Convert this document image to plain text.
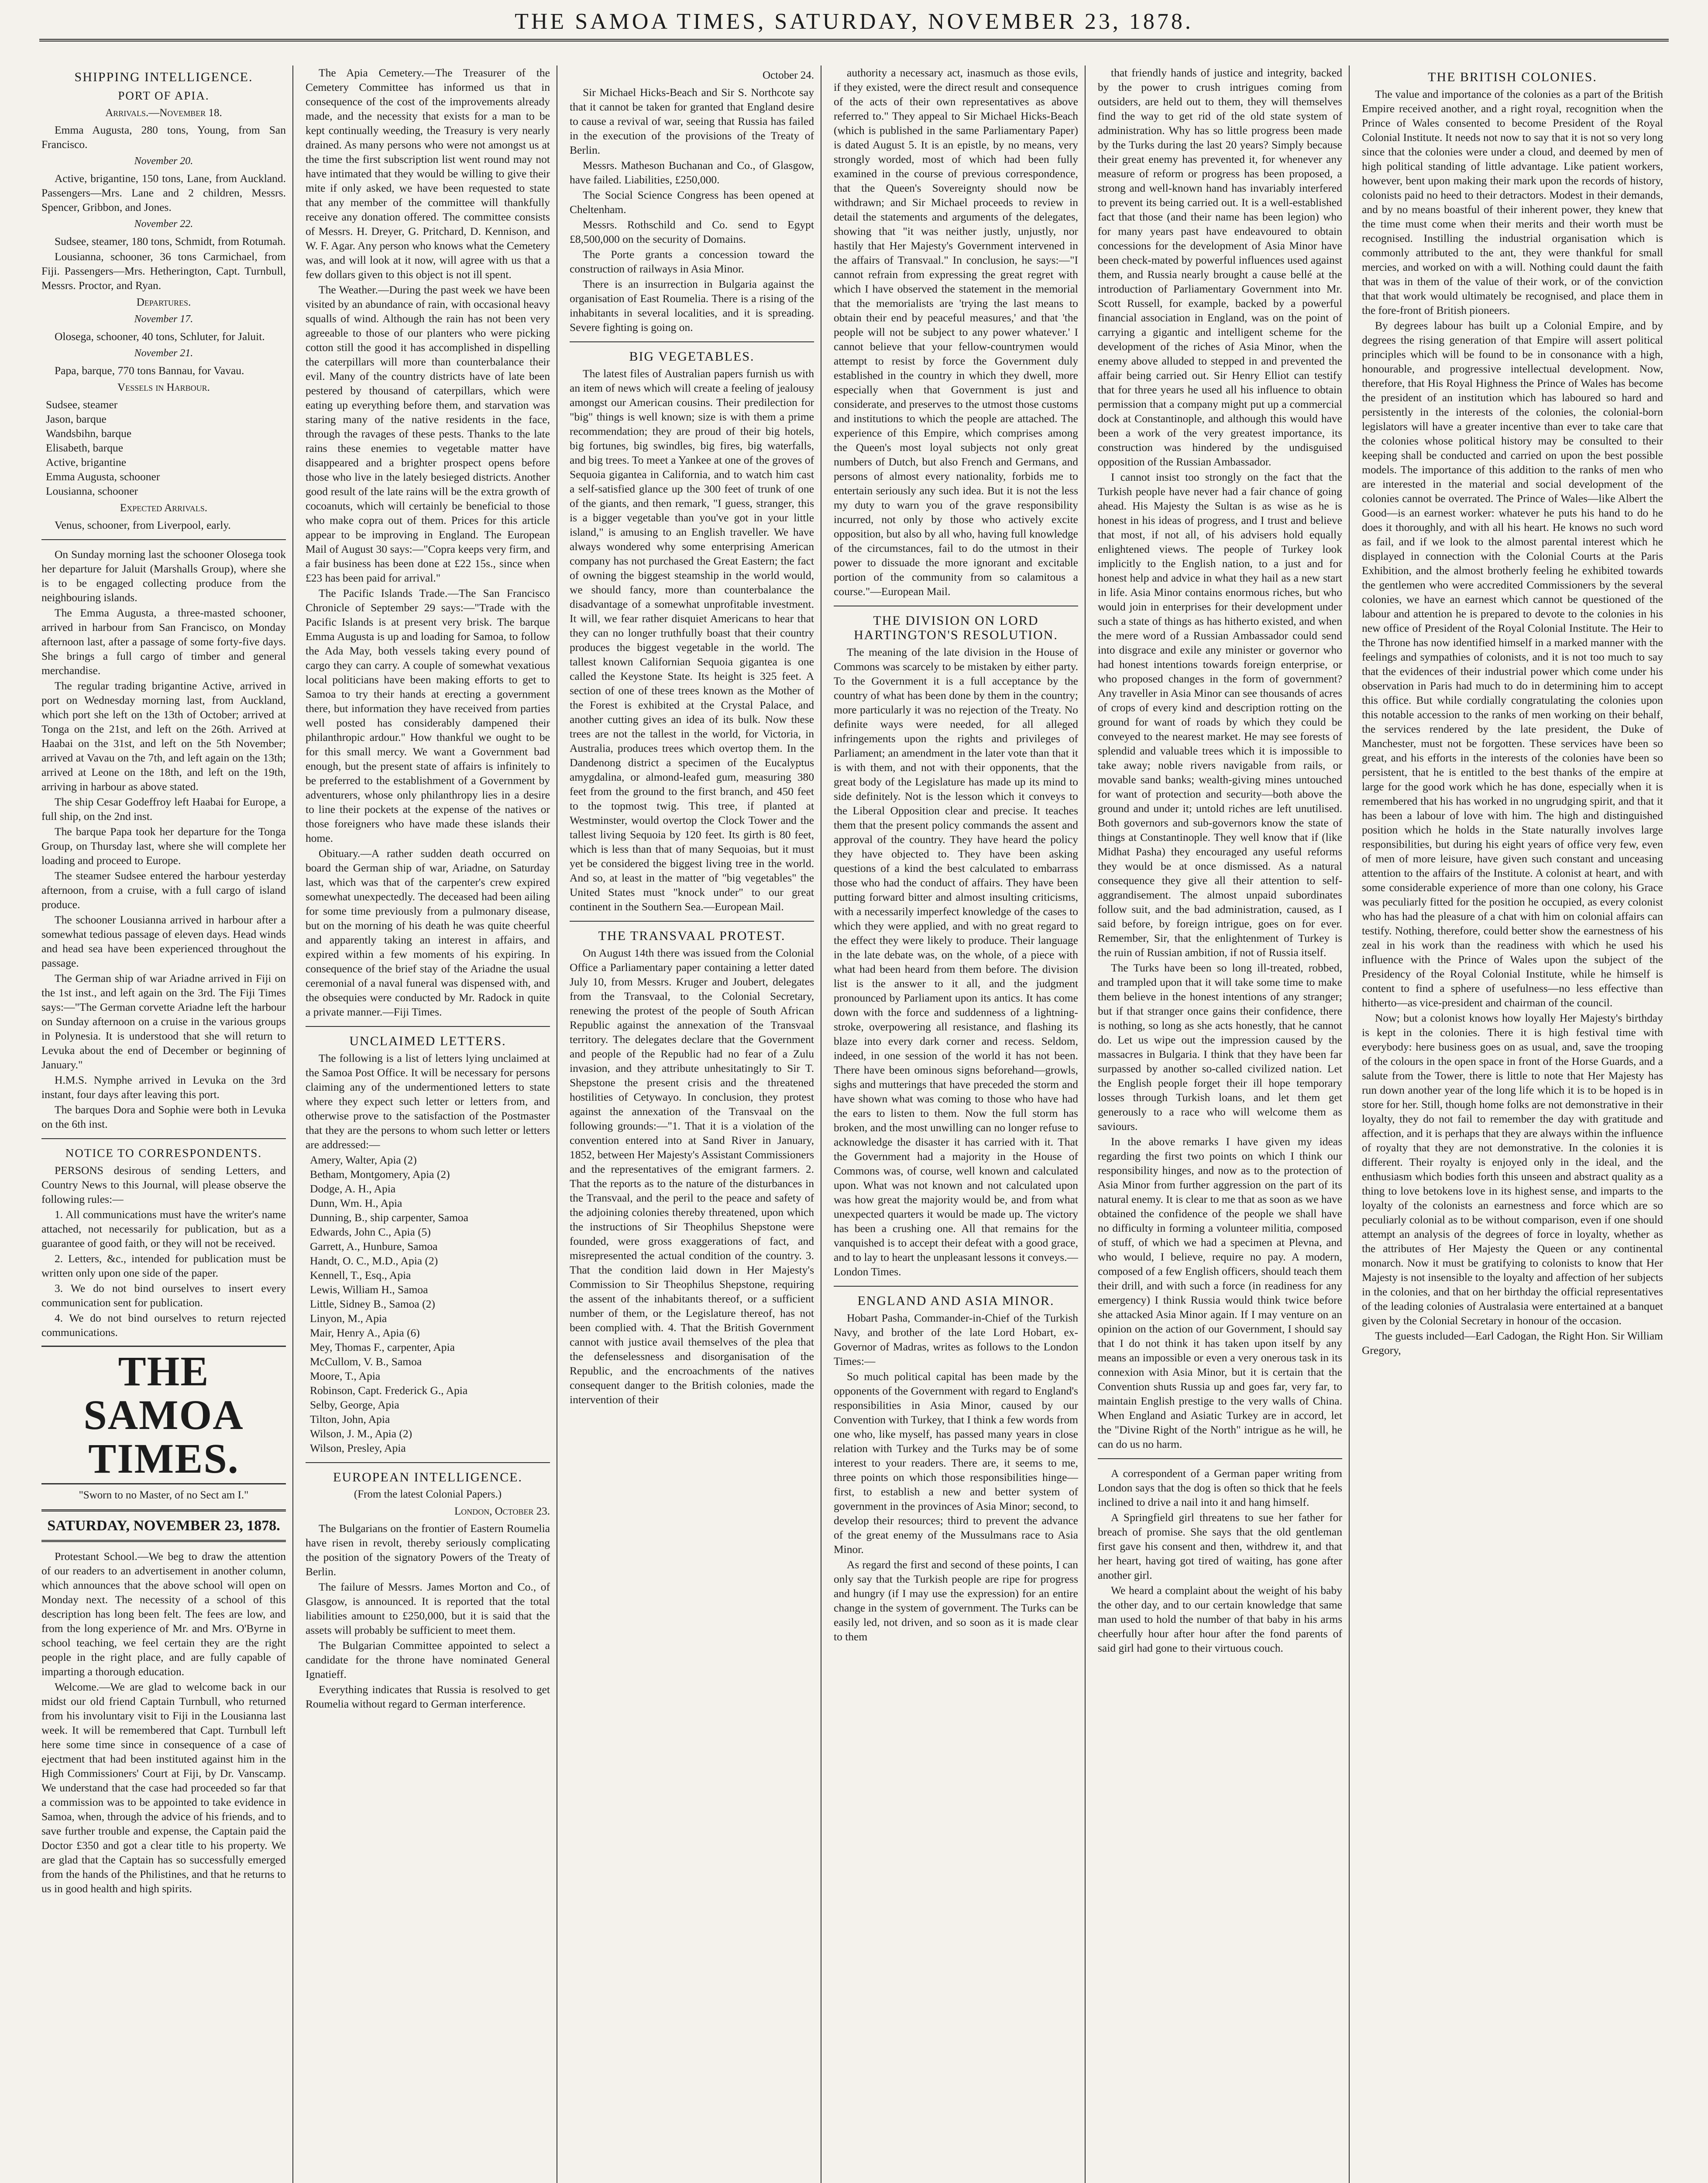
THE SAMOA TIMES, SATURDAY, NOVEMBER 23, 1878.
SHIPPING INTELLIGENCE.
PORT OF APIA.
Arrivals.—November 18.

Emma Augusta, 280 tons, Young, from San Francisco.

November 20.

Active, brigantine, 150 tons, Lane, from Auckland. Passengers—Mrs. Lane and 2 children, Messrs. Spencer, Gribbon, and Jones.

November 22.

Sudsee, steamer, 180 tons, Schmidt, from Rotumah.

Lousianna, schooner, 36 tons Carmichael, from Fiji. Passengers—Mrs. Hetherington, Capt. Turnbull, Messrs. Proctor, and Ryan.

Departures.
November 17.

Olosega, schooner, 40 tons, Schluter, for Jaluit.

November 21.

Papa, barque, 770 tons Bannau, for Vavau.

Vessels in Harbour.

Sudsee, steamer

Jason, barque

Wandsbihn, barque

Elisabeth, barque

Active, brigantine

Emma Augusta, schooner

Lousianna, schooner

Expected Arrivals.

Venus, schooner, from Liverpool, early.

On Sunday morning last the schooner Olosega took her departure for Jaluit (Marshalls Group), where she is to be engaged collecting produce from the neighbouring islands.

The Emma Augusta, a three-masted schooner, arrived in harbour from San Francisco, on Monday afternoon last, after a passage of some forty-five days. She brings a full cargo of timber and general merchandise.

The regular trading brigantine Active, arrived in port on Wednesday morning last, from Auckland, which port she left on the 13th of October; arrived at Tonga on the 21st, and left on the 26th. Arrived at Haabai on the 31st, and left on the 5th November; arrived at Vavau on the 7th, and left again on the 13th; arrived at Leone on the 18th, and left on the 19th, arriving in harbour as above stated.

The ship Cesar Godeffroy left Haabai for Europe, a full ship, on the 2nd inst.

The barque Papa took her departure for the Tonga Group, on Thursday last, where she will complete her loading and proceed to Europe.

The steamer Sudsee entered the harbour yesterday afternoon, from a cruise, with a full cargo of island produce.

The schooner Lousianna arrived in harbour after a somewhat tedious passage of eleven days. Head winds and head sea have been experienced throughout the passage.

The German ship of war Ariadne arrived in Fiji on the 1st inst., and left again on the 3rd. The Fiji Times says:—"The German corvette Ariadne left the harbour on Sunday afternoon on a cruise in the various groups in Polynesia. It is understood that she will return to Levuka about the end of December or beginning of January."

H.M.S. Nymphe arrived in Levuka on the 3rd instant, four days after leaving this port.

The barques Dora and Sophie were both in Levuka on the 6th inst.

NOTICE TO CORRESPONDENTS.

PERSONS desirous of sending Letters, and Country News to this Journal, will please observe the following rules:—

1. All communications must have the writer's name attached, not necessarily for publication, but as a guarantee of good faith, or they will not be received.

2. Letters, &c., intended for publication must be written only upon one side of the paper.

3. We do not bind ourselves to insert every communication sent for publication.

4. We do not bind ourselves to return rejected communications.

THE SAMOA TIMES.
"Sworn to no Master, of no Sect am I."
SATURDAY, NOVEMBER 23, 1878.

Protestant School.—We beg to draw the attention of our readers to an advertisement in another column, which announces that the above school will open on Monday next. The necessity of a school of this description has long been felt. The fees are low, and from the long experience of Mr. and Mrs. O'Byrne in school teaching, we feel certain they are the right people in the right place, and are fully capable of imparting a thorough education.

Welcome.—We are glad to welcome back in our midst our old friend Captain Turnbull, who returned from his involuntary visit to Fiji in the Lousianna last week. It will be remembered that Capt. Turnbull left here some time since in consequence of a case of ejectment that had been instituted against him in the High Commissioners' Court at Fiji, by Dr. Vanscamp. We understand that the case had proceeded so far that a commission was to be appointed to take evidence in Samoa, when, through the advice of his friends, and to save further trouble and expense, the Captain paid the Doctor £350 and got a clear title to his property. We are glad that the Captain has so successfully emerged from the hands of the Philistines, and that he returns to us in good health and high spirits.

The Apia Cemetery.—The Treasurer of the Cemetery Committee has informed us that in consequence of the cost of the improvements already made, and the necessity that exists for a man to be kept continually weeding, the Treasury is very nearly drained. As many persons who were not amongst us at the time the first subscription list went round may not have intimated that they would be willing to give their mite if only asked, we have been requested to state that any member of the committee will thankfully receive any donation offered. The committee consists of Messrs. H. Dreyer, G. Pritchard, D. Kennison, and W. F. Agar. Any person who knows what the Cemetery was, and will look at it now, will agree with us that a few dollars given to this object is not ill spent.

The Weather.—During the past week we have been visited by an abundance of rain, with occasional heavy squalls of wind. Although the rain has not been very agreeable to those of our planters who were picking cotton still the good it has accomplished in dispelling the caterpillars will more than counterbalance their evil. Many of the country districts have of late been pestered by thousand of caterpillars, which were eating up everything before them, and starvation was staring many of the native residents in the face, through the ravages of these pests. Thanks to the late rains these enemies to vegetable matter have disappeared and a brighter prospect opens before those who live in the lately besieged districts. Another good result of the late rains will be the extra growth of cocoanuts, which will certainly be beneficial to those who make copra out of them. Prices for this article appear to be improving in England. The European Mail of August 30 says:—"Copra keeps very firm, and a fair business has been done at £22 15s., since when £23 has been paid for arrival."

The Pacific Islands Trade.—The San Francisco Chronicle of September 29 says:—"Trade with the Pacific Islands is at present very brisk. The barque Emma Augusta is up and loading for Samoa, to follow the Ada May, both vessels taking every pound of cargo they can carry. A couple of somewhat vexatious local politicians have been making efforts to get to Samoa to try their hands at erecting a government there, but information they have received from parties well posted has considerably dampened their philanthropic ardour." How thankful we ought to be for this small mercy. We want a Government bad enough, but the present state of affairs is infinitely to be preferred to the establishment of a Government by adventurers, whose only philanthropy lies in a desire to line their pockets at the expense of the natives or those foreigners who have made these islands their home.

Obituary.—A rather sudden death occurred on board the German ship of war, Ariadne, on Saturday last, which was that of the carpenter's crew expired somewhat unexpectedly. The deceased had been ailing for some time previously from a pulmonary disease, but on the morning of his death he was quite cheerful and apparently taking an interest in affairs, and expired within a few moments of his expiring. In consequence of the brief stay of the Ariadne the usual ceremonial of a naval funeral was dispensed with, and the obsequies were conducted by Mr. Radock in quite a private manner.—Fiji Times.

UNCLAIMED LETTERS.

The following is a list of letters lying unclaimed at the Samoa Post Office. It will be necessary for persons claiming any of the undermentioned letters to state where they expect such letter or letters from, and otherwise prove to the satisfaction of the Postmaster that they are the persons to whom such letter or letters are addressed:—

Amery, Walter, Apia (2)

Betham, Montgomery, Apia (2)

Dodge, A. H., Apia

Dunn, Wm. H., Apia

Dunning, B., ship carpenter, Samoa

Edwards, John C., Apia (5)

Garrett, A., Hunbure, Samoa

Handt, O. C., M.D., Apia (2)

Kennell, T., Esq., Apia

Lewis, William H., Samoa

Little, Sidney B., Samoa (2)

Linyon, M., Apia

Mair, Henry A., Apia (6)

Mey, Thomas F., carpenter, Apia

McCullom, V. B., Samoa

Moore, T., Apia

Robinson, Capt. Frederick G., Apia

Selby, George, Apia

Tilton, John, Apia

Wilson, J. M., Apia (2)

Wilson, Presley, Apia

EUROPEAN INTELLIGENCE.
(From the latest Colonial Papers.)
London, October 23.

The Bulgarians on the frontier of Eastern Roumelia have risen in revolt, thereby seriously complicating the position of the signatory Powers of the Treaty of Berlin.

The failure of Messrs. James Morton and Co., of Glasgow, is announced. It is reported that the total liabilities amount to £250,000, but it is said that the assets will probably be sufficient to meet them.

The Bulgarian Committee appointed to select a candidate for the throne have nominated General Ignatieff.

Everything indicates that Russia is resolved to get Roumelia without regard to German interference.

October 24.

Sir Michael Hicks-Beach and Sir S. Northcote say that it cannot be taken for granted that England desire to cause a revival of war, seeing that Russia has failed in the execution of the provisions of the Treaty of Berlin.

Messrs. Matheson Buchanan and Co., of Glasgow, have failed. Liabilities, £250,000.

The Social Science Congress has been opened at Cheltenham.

Messrs. Rothschild and Co. send to Egypt £8,500,000 on the security of Domains.

The Porte grants a concession toward the construction of railways in Asia Minor.

There is an insurrection in Bulgaria against the organisation of East Roumelia. There is a rising of the inhabitants in several localities, and it is spreading. Severe fighting is going on.

BIG VEGETABLES.

The latest files of Australian papers furnish us with an item of news which will create a feeling of jealousy amongst our American cousins. Their predilection for "big" things is well known; size is with them a prime recommendation; they are proud of their big hotels, big fortunes, big swindles, big fires, big waterfalls, and big trees. To meet a Yankee at one of the groves of Sequoia gigantea in California, and to watch him cast a self-satisfied glance up the 300 feet of trunk of one of the giants, and then remark, "I guess, stranger, this is a bigger vegetable than you've got in your little island," is amusing to an English traveller. We have always wondered why some enterprising American company has not purchased the Great Eastern; the fact of owning the biggest steamship in the world would, we should fancy, more than counterbalance the disadvantage of a somewhat unprofitable investment. It will, we fear rather disquiet Americans to hear that they can no longer truthfully boast that their country produces the biggest vegetable in the world. The tallest known Californian Sequoia gigantea is one called the Keystone State. Its height is 325 feet. A section of one of these trees known as the Mother of the Forest is exhibited at the Crystal Palace, and another cutting gives an idea of its bulk. Now these trees are not the tallest in the world, for Victoria, in Australia, produces trees which overtop them. In the Dandenong district a specimen of the Eucalyptus amygdalina, or almond-leafed gum, measuring 380 feet from the ground to the first branch, and 450 feet to the topmost twig. This tree, if planted at Westminster, would overtop the Clock Tower and the tallest living Sequoia by 120 feet. Its girth is 80 feet, which is less than that of many Sequoias, but it must yet be considered the biggest living tree in the world. And so, at least in the matter of "big vegetables" the United States must "knock under" to our great continent in the Southern Sea.—European Mail.

THE TRANSVAAL PROTEST.

On August 14th there was issued from the Colonial Office a Parliamentary paper containing a letter dated July 10, from Messrs. Kruger and Joubert, delegates from the Transvaal, to the Colonial Secretary, renewing the protest of the people of South African Republic against the annexation of the Transvaal territory. The delegates declare that the Government and people of the Republic had no fear of a Zulu invasion, and they attribute unhesitatingly to Sir T. Shepstone the present crisis and the threatened hostilities of Cetywayo. In conclusion, they protest against the annexation of the Transvaal on the following grounds:—"1. That it is a violation of the convention entered into at Sand River in January, 1852, between Her Majesty's Assistant Commissioners and the representatives of the emigrant farmers. 2. That the reports as to the nature of the disturbances in the Transvaal, and the peril to the peace and safety of the adjoining colonies thereby threatened, upon which the instructions of Sir Theophilus Shepstone were founded, were gross exaggerations of fact, and misrepresented the actual condition of the country. 3. That the condition laid down in Her Majesty's Commission to Sir Theophilus Shepstone, requiring the assent of the inhabitants thereof, or a sufficient number of them, or the Legislature thereof, has not been complied with. 4. That the British Government cannot with justice avail themselves of the plea that the defenselessness and disorganisation of the Republic, and the encroachments of the natives consequent danger to the British colonies, made the intervention of their

authority a necessary act, inasmuch as those evils, if they existed, were the direct result and consequence of the acts of their own representatives as above referred to." They appeal to Sir Michael Hicks-Beach (which is published in the same Parliamentary Paper) is dated August 5. It is an epistle, by no means, very strongly worded, most of which had been fully examined in the course of previous correspondence, that the Queen's Sovereignty should now be withdrawn; and Sir Michael proceeds to review in detail the statements and arguments of the delegates, showing that "it was neither justly, unjustly, nor hastily that Her Majesty's Government intervened in the affairs of Transvaal." In conclusion, he says:—"I cannot refrain from expressing the great regret with which I have observed the statement in the memorial that the memorialists are 'trying the last means to obtain their end by peaceful measures,' and that 'the people will not be subject to any power whatever.' I cannot believe that your fellow-countrymen would attempt to resist by force the Government duly established in the country in which they dwell, more especially when that Government is just and considerate, and preserves to the utmost those customs and institutions to which the people are attached. The experience of this Empire, which comprises among the Queen's most loyal subjects not only great numbers of Dutch, but also French and Germans, and persons of almost every nationality, forbids me to entertain seriously any such idea. But it is not the less my duty to warn you of the grave responsibility incurred, not only by those who actively excite opposition, but also by all who, having full knowledge of the circumstances, fail to do the utmost in their power to dissuade the more ignorant and excitable portion of the community from so calamitous a course."—European Mail.

THE DIVISION ON LORD HARTINGTON'S RESOLUTION.

The meaning of the late division in the House of Commons was scarcely to be mistaken by either party. To the Government it is a full acceptance by the country of what has been done by them in the country; more particularly it was no rejection of the Treaty. No definite ways were needed, for all alleged infringements upon the rights and privileges of Parliament; an amendment in the later vote than that it is with them, and not with their opponents, that the great body of the Legislature has made up its mind to side definitely. Not is the lesson which it conveys to the Liberal Opposition clear and precise. It teaches them that the present policy commands the assent and approval of the country. They have heard the policy they have objected to. They have been asking questions of a kind the best calculated to embarrass those who had the conduct of affairs. They have been putting forward bitter and almost insulting criticisms, with a necessarily imperfect knowledge of the cases to which they were applied, and with no great regard to the effect they were likely to produce. Their language in the late debate was, on the whole, of a piece with what had been heard from them before. The division list is the answer to it all, and the judgment pronounced by Parliament upon its antics. It has come down with the force and suddenness of a lightning-stroke, overpowering all resistance, and flashing its blaze into every dark corner and recess. Seldom, indeed, in one session of the world it has not been. There have been ominous signs beforehand—growls, sighs and mutterings that have preceded the storm and have shown what was coming to those who have had the ears to listen to them. Now the full storm has broken, and the most unwilling can no longer refuse to acknowledge the disaster it has carried with it. That the Government had a majority in the House of Commons was, of course, well known and calculated upon. What was not known and not calculated upon was how great the majority would be, and from what unexpected quarters it would be made up. The victory has been a crushing one. All that remains for the vanquished is to accept their defeat with a good grace, and to lay to heart the unpleasant lessons it conveys.—London Times.

ENGLAND AND ASIA MINOR.

Hobart Pasha, Commander-in-Chief of the Turkish Navy, and brother of the late Lord Hobart, ex-Governor of Madras, writes as follows to the London Times:—

So much political capital has been made by the opponents of the Government with regard to England's responsibilities in Asia Minor, caused by our Convention with Turkey, that I think a few words from one who, like myself, has passed many years in close relation with Turkey and the Turks may be of some interest to your readers. There are, it seems to me, three points on which those responsibilities hinge—first, to establish a new and better system of government in the provinces of Asia Minor; second, to develop their resources; third to prevent the advance of the great enemy of the Mussulmans race to Asia Minor.

As regard the first and second of these points, I can only say that the Turkish people are ripe for progress and hungry (if I may use the expression) for an entire change in the system of government. The Turks can be easily led, not driven, and so soon as it is made clear to them

that friendly hands of justice and integrity, backed by the power to crush intrigues coming from outsiders, are held out to them, they will themselves find the way to get rid of the old state system of administration. Why has so little progress been made by the Turks during the last 20 years? Simply because their great enemy has prevented it, for whenever any measure of reform or progress has been proposed, a strong and well-known hand has invariably interfered to prevent its being carried out. It is a well-established fact that those (and their name has been legion) who for many years past have endeavoured to obtain concessions for the development of Asia Minor have been check-mated by powerful influences used against them, and Russia nearly brought a cause bellé at the introduction of Parliamentary Government into Mr. Scott Russell, for example, backed by a powerful financial association in England, was on the point of carrying a gigantic and intelligent scheme for the development of the riches of Asia Minor, when the enemy above alluded to stepped in and prevented the affair being carried out. Sir Henry Elliot can testify that for three years he used all his influence to obtain permission that a company might put up a commercial dock at Constantinople, and although this would have been a work of the very greatest importance, its construction was hindered by the undisguised opposition of the Russian Ambassador.

I cannot insist too strongly on the fact that the Turkish people have never had a fair chance of going ahead. His Majesty the Sultan is as wise as he is honest in his ideas of progress, and I trust and believe that most, if not all, of his advisers hold equally enlightened views. The people of Turkey look implicitly to the English nation, to a just and for honest help and advice in what they hail as a new start in life. Asia Minor contains enormous riches, but who would join in enterprises for their development under such a state of things as has hitherto existed, and when the mere word of a Russian Ambassador could send into disgrace and exile any minister or governor who had honest intentions towards foreign enterprise, or who proposed changes in the form of government? Any traveller in Asia Minor can see thousands of acres of crops of every kind and description rotting on the ground for want of roads by which they could be conveyed to the nearest market. He may see forests of splendid and valuable trees which it is impossible to take away; noble rivers navigable from rails, or movable sand banks; wealth-giving mines untouched for want of protection and security—both above the ground and under it; untold riches are left unutilised. Both governors and sub-governors know the state of things at Constantinople. They well know that if (like Midhat Pasha) they encouraged any useful reforms they would be at once dismissed. As a natural consequence they give all their attention to self-aggrandisement. The almost unpaid subordinates follow suit, and the bad administration, caused, as I said before, by foreign intrigue, goes on for ever. Remember, Sir, that the enlightenment of Turkey is the ruin of Russian ambition, if not of Russia itself.

The Turks have been so long ill-treated, robbed, and trampled upon that it will take some time to make them believe in the honest intentions of any stranger; but if that stranger once gains their confidence, there is nothing, so long as she acts honestly, that he cannot do. Let us wipe out the impression caused by the massacres in Bulgaria. I think that they have been far surpassed by another so-called civilized nation. Let the English people forget their ill hope temporary losses through Turkish loans, and let them get generously to a race who will welcome them as saviours.

In the above remarks I have given my ideas regarding the first two points on which I think our responsibility hinges, and now as to the protection of Asia Minor from further aggression on the part of its natural enemy. It is clear to me that as soon as we have obtained the confidence of the people we shall have no difficulty in forming a volunteer militia, composed of stuff, of which we had a specimen at Plevna, and who would, I believe, require no pay. A modern, composed of a few English officers, should teach them their drill, and with such a force (in readiness for any emergency) I think Russia would think twice before she attacked Asia Minor again. If I may venture on an opinion on the action of our Government, I should say that I do not think it has taken upon itself by any means an impossible or even a very onerous task in its connexion with Asia Minor, but it is certain that the Convention shuts Russia up and goes far, very far, to maintain English prestige to the very walls of China. When England and Asiatic Turkey are in accord, let the "Divine Right of the North" intrigue as he will, he can do us no harm.

A correspondent of a German paper writing from London says that the dog is often so thick that he feels inclined to drive a nail into it and hang himself.

A Springfield girl threatens to sue her father for breach of promise. She says that the old gentleman first gave his consent and then, withdrew it, and that her heart, having got tired of waiting, has gone after another girl.

We heard a complaint about the weight of his baby the other day, and to our certain knowledge that same man used to hold the number of that baby in his arms cheerfully hour after hour after the fond parents of said girl had gone to their virtuous couch.

THE BRITISH COLONIES.

The value and importance of the colonies as a part of the British Empire received another, and a right royal, recognition when the Prince of Wales consented to become President of the Royal Colonial Institute. It needs not now to say that it is not so very long since that the colonies were under a cloud, and deemed by men of high political standing of little advantage. Like patient workers, however, bent upon making their mark upon the records of history, colonists paid no heed to their detractors. Modest in their demands, and by no means boastful of their inherent power, they knew that the time must come when their merits and their worth must be recognised. Instilling the industrial organisation which is commonly attributed to the ant, they were thankful for small mercies, and worked on with a will. Nothing could daunt the faith that was in them of the value of their work, or of the conviction that that work would ultimately be recognised, and place them in the fore-front of British pioneers.

By degrees labour has built up a Colonial Empire, and by degrees the rising generation of that Empire will assert political principles which will be found to be in consonance with a high, honourable, and progressive intellectual development. Now, therefore, that His Royal Highness the Prince of Wales has become the president of an institution which has laboured so hard and persistently in the interests of the colonies, the colonial-born legislators will have a greater incentive than ever to take care that the colonies whose political history may be consulted to their keeping shall be conducted and carried on upon the best possible models. The importance of this addition to the ranks of men who are interested in the material and social development of the colonies cannot be overrated. The Prince of Wales—like Albert the Good—is an earnest worker: whatever he puts his hand to do he does it thoroughly, and with all his heart. He knows no such word as fail, and if we look to the almost parental interest which he displayed in connection with the Colonial Courts at the Paris Exhibition, and the almost brotherly feeling he exhibited towards the gentlemen who were accredited Commissioners by the several colonies, we have an earnest which cannot be questioned of the labour and attention he is prepared to devote to the colonies in his new office of President of the Royal Colonial Institute. The Heir to the Throne has now identified himself in a marked manner with the feelings and sympathies of colonists, and it is not too much to say that the evidences of their industrial power which come under his observation in Paris had much to do in determining him to accept this office. But while cordially congratulating the colonies upon this notable accession to the ranks of men working on their behalf, the services rendered by the late president, the Duke of Manchester, must not be forgotten. These services have been so great, and his efforts in the interests of the colonies have been so persistent, that he is entitled to the best thanks of the empire at large for the good work which he has done, especially when it is remembered that his has worked in no ungrudging spirit, and that it has been a labour of love with him. The high and distinguished position which he holds in the State naturally involves large responsibilities, but during his eight years of office very few, even of men of more leisure, have given such constant and unceasing attention to the affairs of the Institute. A colonist at heart, and with some considerable experience of more than one colony, his Grace was peculiarly fitted for the position he occupied, as every colonist who has had the pleasure of a chat with him on colonial affairs can testify. Nothing, therefore, could better show the earnestness of his zeal in his work than the readiness with which he used his influence with the Prince of Wales upon the subject of the Presidency of the Royal Colonial Institute, while he himself is content to find a sphere of usefulness—no less effective than hitherto—as vice-president and chairman of the council.

Now; but a colonist knows how loyally Her Majesty's birthday is kept in the colonies. There it is high festival time with everybody: here business goes on as usual, and, save the trooping of the colours in the open space in front of the Horse Guards, and a salute from the Tower, there is little to note that Her Majesty has run down another year of the long life which it is to be hoped is in store for her. Still, though home folks are not demonstrative in their loyalty, they do not fail to remember the day with gratitude and affection, and it is perhaps that they are always within the influence of royalty that they are not demonstrative. In the colonies it is different. Their royalty is enjoyed only in the ideal, and the enthusiasm which bodies forth this unseen and abstract quality as a thing to love betokens love in its highest sense, and imparts to the loyalty of the colonists an earnestness and force which are so peculiarly colonial as to be without comparison, even if one should attempt an analysis of the degrees of force in loyalty, whether as the attributes of Her Majesty the Queen or any continental monarch. Now it must be gratifying to colonists to know that Her Majesty is not insensible to the loyalty and affection of her subjects in the colonies, and that on her birthday the official representatives of the leading colonies of Australasia were entertained at a banquet given by the Colonial Secretary in honour of the occasion.

The guests included—Earl Cadogan, the Right Hon. Sir William Gregory,
